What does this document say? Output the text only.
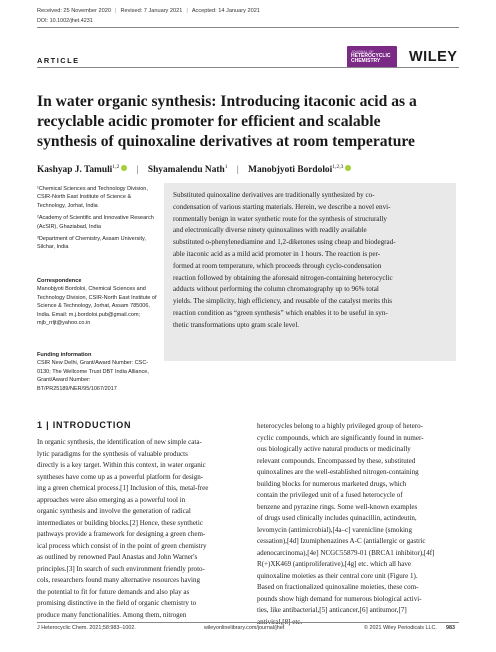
Received: 25 November 2020 | Revised: 7 January 2021 | Accepted: 14 January 2021
DOI: 10.1002/jhet.4231
ARTICLE
JOURNAL OF
HETEROCYCLIC
CHEMISTRY	WILEY
In water organic synthesis: Introducing itaconic acid as a
recyclable acidic promoter for efficient and scalable
synthesis of quinoxaline derivatives at room temperature
Kashyap J. Tamuli$^{1,2}$ | Shyamalendu Nath$^1$ | Manobjyoti Bordoloi$^{1,2,3}$
¹Chemical Sciences and Technology Division, CSIR-North East Institute of Science & Technology, Jorhat, India
²Academy of Scientific and Innovative Research (AcSIR), Ghaziabad, India
³Department of Chemistry, Assam University, Silchar, India
Correspondence
Manobjyoti Bordoloi, Chemical Sciences and Technology Division, CSIR-North East Institute of Science & Technology, Jorhat, Assam 785006, India. Email: m.j.bordoloi.pub@gmail.com; mjb_rrljt@yahoo.co.in
Funding information
CSIR New Delhi, Grant/Award Number: CSC-0130; The Wellcome Trust DBT India Alliance, Grant/Award Number: BT/PR25189/NER/95/1067/2017
Substituted quinoxaline derivatives are traditionally synthesized by co-
condensation of various starting materials. Herein, we describe a novel envi-
ronmentally benign in water synthetic route for the synthesis of structurally
and electronically diverse ninety quinoxalines with readily available
substituted o-phenylenediamine and 1,2-diketones using cheap and biodegrad-
able itaconic acid as a mild acid promoter in 1 hours. The reaction is per-
formed at room temperature, which proceeds through cyclo-condensation
reaction followed by obtaining the aforesaid nitrogen-containing heterocyclic
adducts without performing the column chromatography up to 96% total
yields. The simplicity, high efficiency, and reusable of the catalyst merits this
reaction condition as “green synthesis” which enables it to be useful in syn-
thetic transformations upto gram scale level.
1 | INTRODUCTION
In organic synthesis, the identification of new simple cata-
lytic paradigms for the synthesis of valuable products
directly is a key target. Within this context, in water organic
syntheses have come up as a powerful platform for design-
ing a green chemical process.[1] Inclusion of this, metal-free
approaches were also emerging as a powerful tool in
organic synthesis and involve the generation of radical
intermediates or building blocks.[2] Hence, these synthetic
pathways provide a framework for designing a green chem-
ical process which consist of in the point of green chemistry
as outlined by renowned Paul Anastas and John Warner's
principles.[3] In search of such environment friendly proto-
cols, researchers found many alternative resources having
the potential to fit for future demands and also play as
promising distinctive in the field of organic chemistry to
produce many functionalities. Among them, nitrogen
heterocycles belong to a highly privileged group of hetero-
cyclic compounds, which are significantly found in numer-
ous biologically active natural products or medicinally
relevant compounds. Encompassed by these, substituted
quinoxalines are the well-established nitrogen-containing
building blocks for numerous marketed drugs, which
contain the privileged unit of a fused heterocycle of
benzene and pyrazine rings. Some well-known examples
of drugs used clinically includes quinacillin, actindeutin,
levomycin (antimicrobial),[4a–c] varenicline (smoking
cessation),[4d] Izumiphenazines A-C (antiallergic or gastric
adenocarcinoma),[4e] NCGC55879-01 (BRCA1 inhibitor),[4f]
R(+)XK469 (antiproliferative),[4g] etc. which all have
quinoxaline moieties as their central core unit (Figure 1).
Based on fractionalized quinoxaline moieties, these com-
pounds show high demand for numerous biological activi-
ties, like antibacterial,[5] anticancer,[6] antitumor,[7]
antiviral,[8] etc.
J Heterocyclic Chem. 2021;58:983–1002.	wileyonlinelibrary.com/journal/jhet	© 2021 Wiley Periodicals LLC. 983
